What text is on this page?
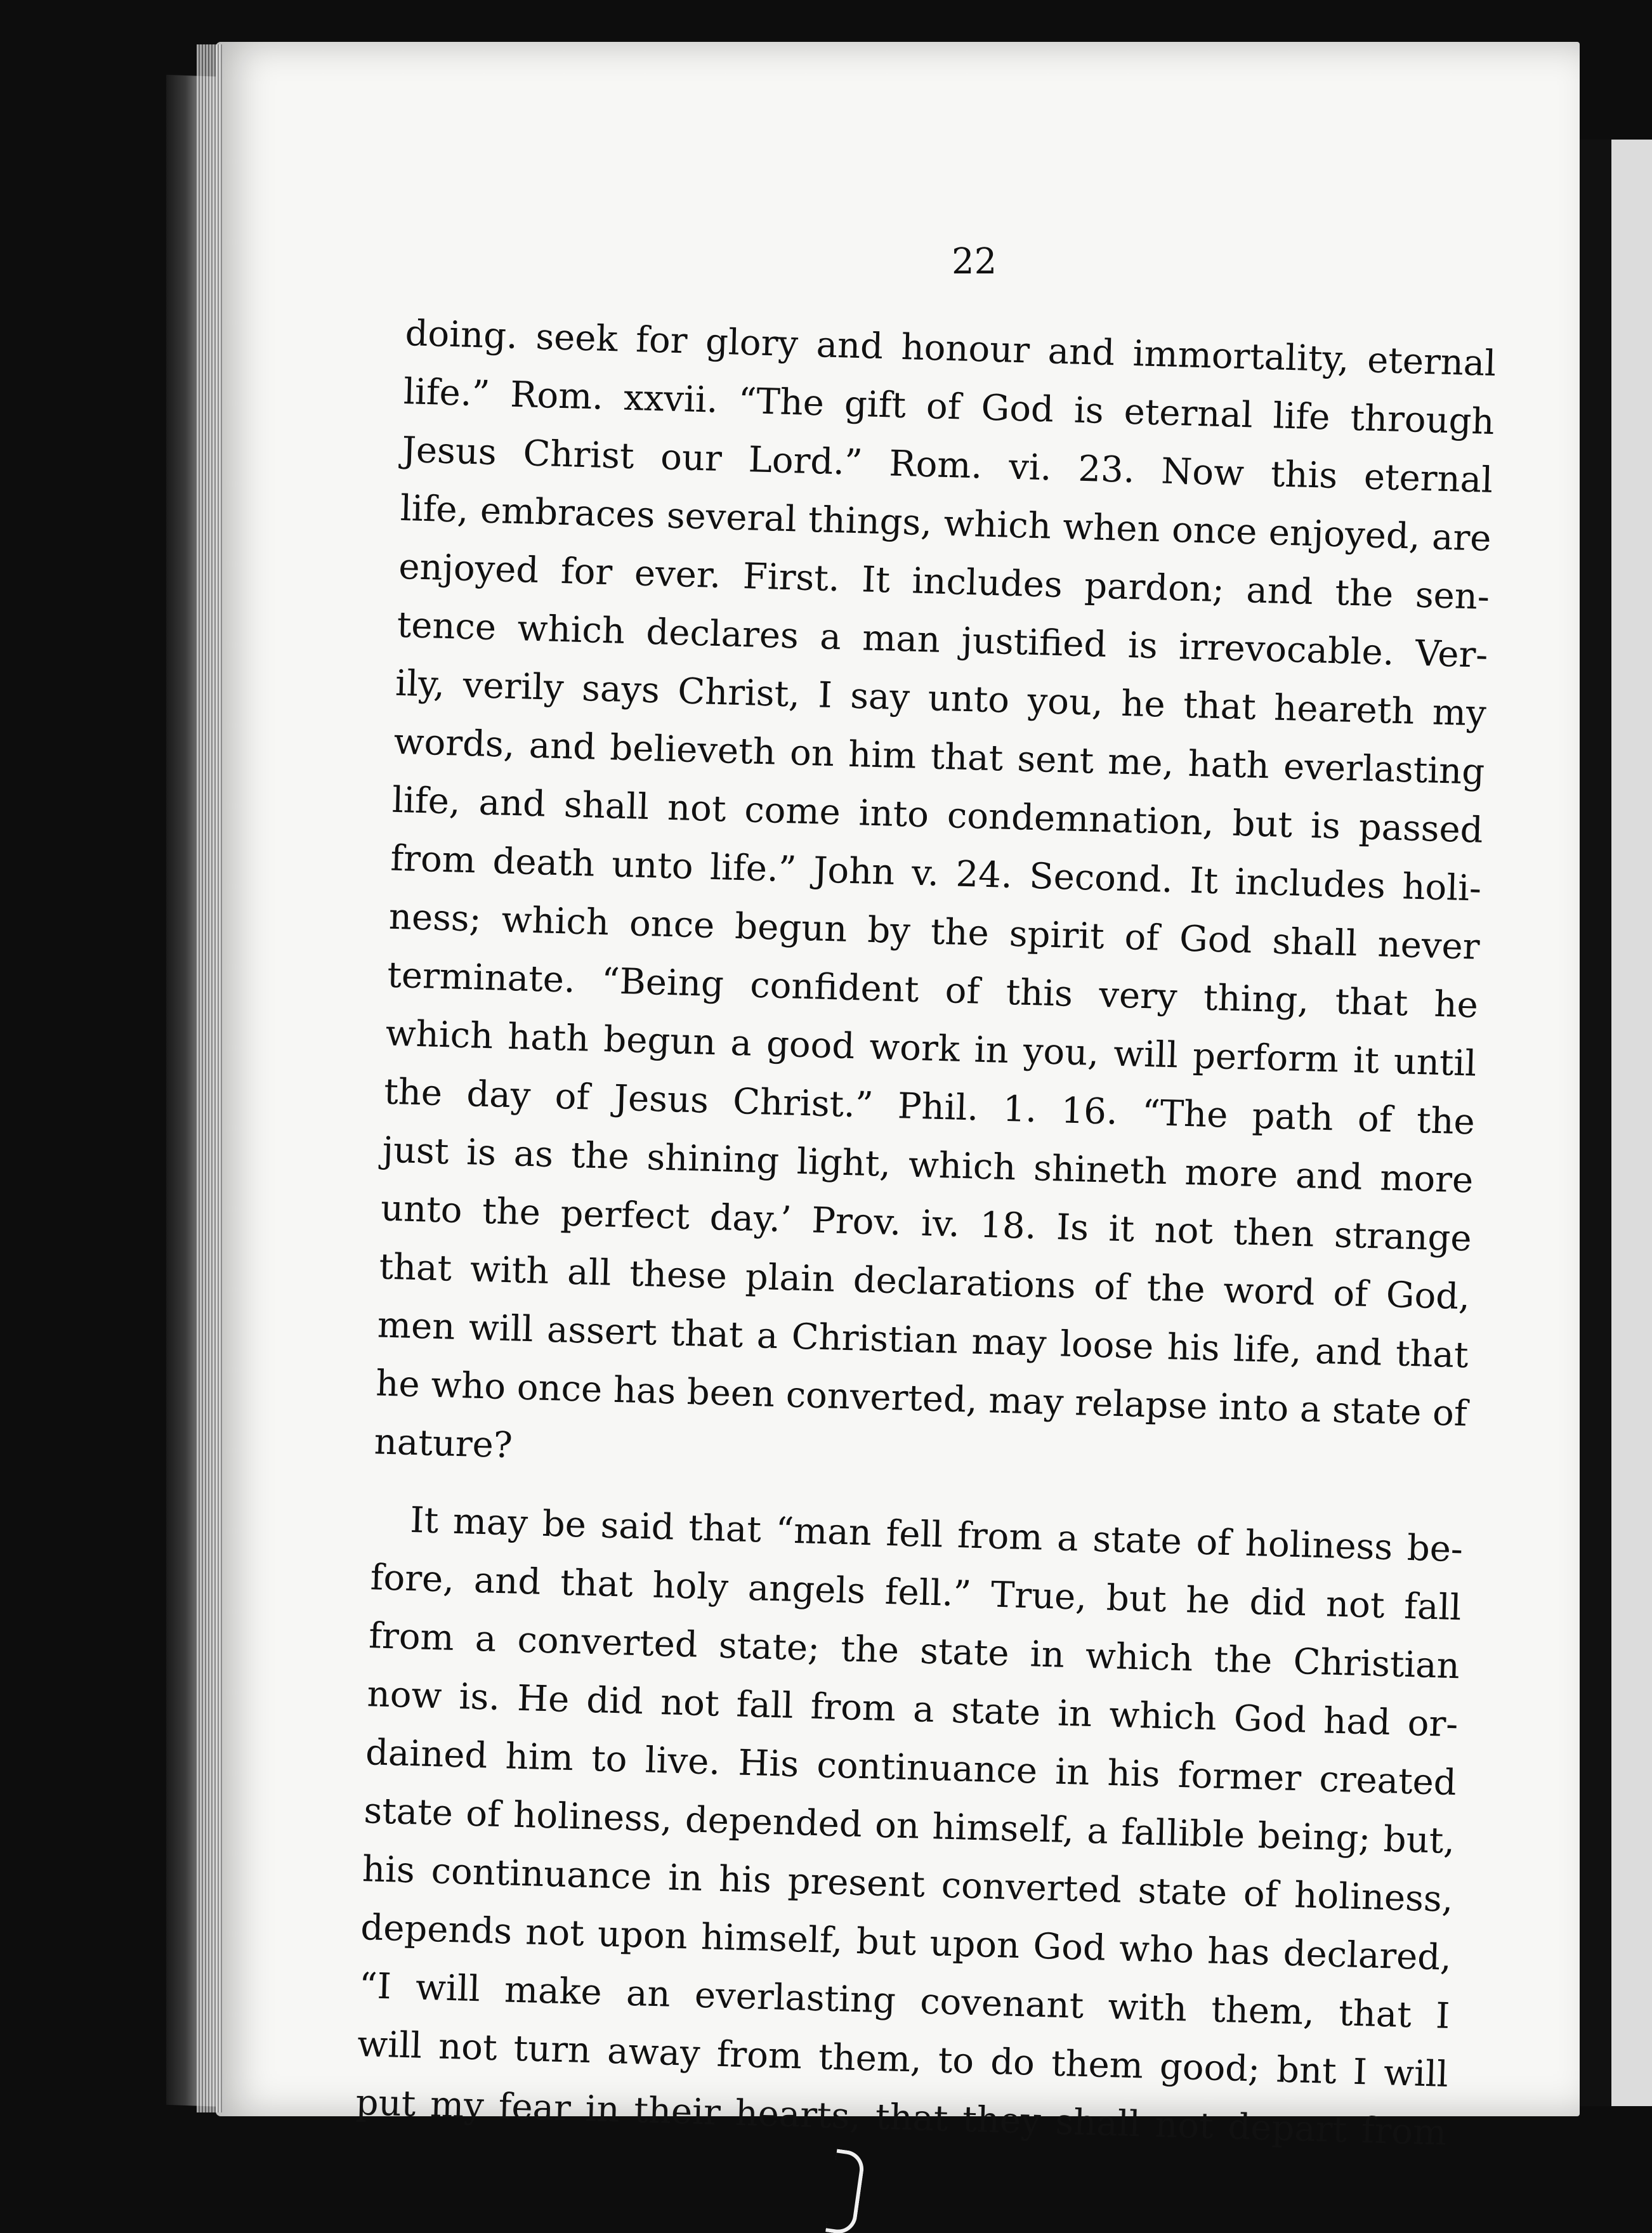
22
doing. seek for glory and honour and immortality, eternal
life.” Rom. xxvii. “The gift of God is eternal life through
Jesus Christ our Lord.” Rom. vi. 23. Now this eternal
life, embraces several things, which when once enjoyed, are
enjoyed for ever. First. It includes pardon; and the sen-
tence which declares a man justified is irrevocable. Ver-
ily, verily says Christ, I say unto you, he that heareth my
words, and believeth on him that sent me, hath everlasting
life, and shall not come into condemnation, but is passed
from death unto life.” John v. 24. Second. It includes holi-
ness; which once begun by the spirit of God shall never
terminate. “Being confident of this very thing, that he
which hath begun a good work in you, will perform it until
the day of Jesus Christ.” Phil. 1. 16. “The path of the
just is as the shining light, which shineth more and more
unto the perfect day.’ Prov. iv. 18. Is it not then strange
that with all these plain declarations of the word of God,
men will assert that a Christian may loose his life, and that
he who once has been converted, may relapse into a state of
nature?
It may be said that “man fell from a state of holiness be-
fore, and that holy angels fell.” True, but he did not fall
from a converted state; the state in which the Christian
now is. He did not fall from a state in which God had or-
dained him to live. His continuance in his former created
state of holiness, depended on himself, a fallible being; but,
his continuance in his present converted state of holiness,
depends not upon himself, but upon God who has declared,
“I will make an everlasting covenant with them, that I
will not turn away from them, to do them good; bnt I will
put my fear in their hearts, that they shall not depart from
